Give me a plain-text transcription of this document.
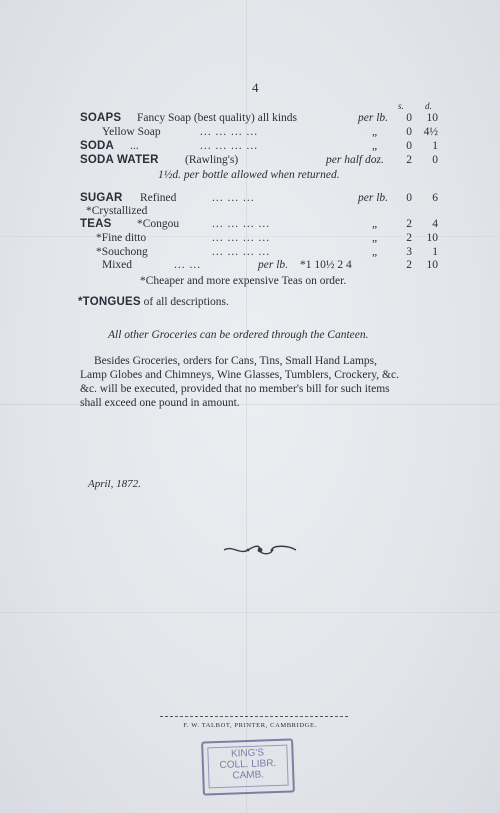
4
s. d.
SOAPS Fancy Soap (best quality) all kinds	per lb.	0	10
Yellow Soap	... ... ... ...	„	0	4½
SODA ...	... ... ... ...	„	0	1
SODA WATER (Rawling's)	per half doz.	2	0
1½d. per bottle allowed when returned.
SUGAR Refined	... ... ...	per lb.	0	6
*Crystallized
TEAS *Congou	... ... ... ...	„	2	4
*Fine ditto	... ... ... ...	„	2	10
*Souchong	... ... ... ...	„	3	1
Mixed	... ...	per lb. *1 10½ 2 4	2	10
*Cheaper and more expensive Teas on order.
*TONGUES of all descriptions.
All other Groceries can be ordered through the Canteen.
Besides Groceries, orders for Cans, Tins, Small Hand Lamps,
Lamp Globes and Chimneys, Wine Glasses, Tumblers, Crockery, &c.
&c. will be executed, provided that no member's bill for such items
shall exceed one pound in amount.
April, 1872.
F. W. TALBOT, PRINTER, CAMBRIDGE.
KING'S
COLL. LIBR.
CAMB.
